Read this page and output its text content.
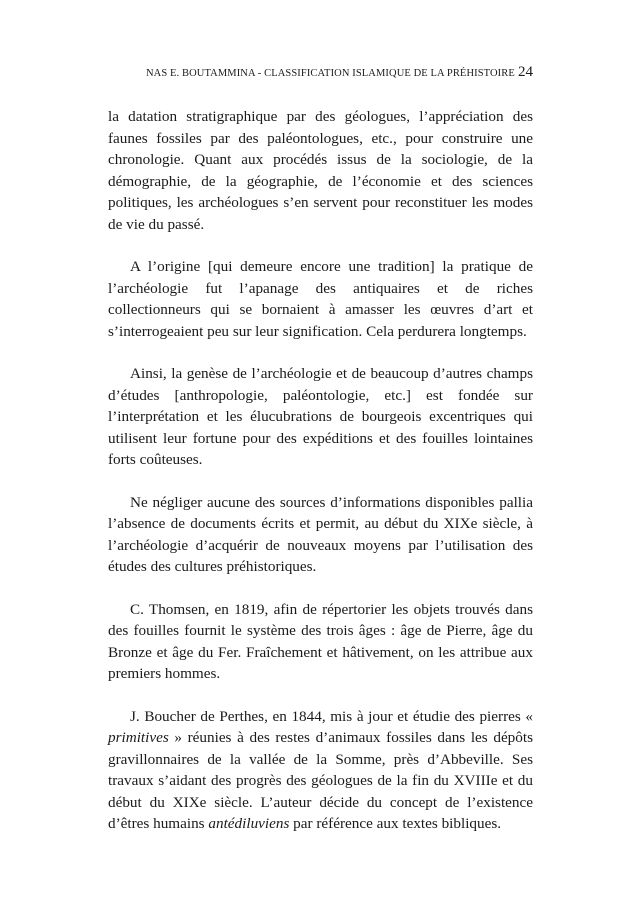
NAS E. BOUTAMMINA - CLASSIFICATION ISLAMIQUE DE LA PRÉHISTOIRE 24

la datation stratigraphique par des géologues, l’appréciation des faunes fossiles par des paléontologues, etc., pour construire une chronologie. Quant aux procédés issus de la sociologie, de la démographie, de la géographie, de l’économie et des sciences politiques, les archéologues s’en servent pour reconstituer les modes de vie du passé.

A l’origine [qui demeure encore une tradition] la pratique de l’archéologie fut l’apanage des antiquaires et de riches collectionneurs qui se bornaient à amasser les œuvres d’art et s’interrogeaient peu sur leur signification. Cela perdurera longtemps.

Ainsi, la genèse de l’archéologie et de beaucoup d’autres champs d’études [anthropologie, paléontologie, etc.] est fondée sur l’interprétation et les élucubrations de bourgeois excentriques qui utilisent leur fortune pour des expéditions et des fouilles lointaines forts coûteuses.

Ne négliger aucune des sources d’informations disponibles pallia l’absence de documents écrits et permit, au début du XIXe siècle, à l’archéologie d’acquérir de nouveaux moyens par l’utilisation des études des cultures préhistoriques.

C. Thomsen, en 1819, afin de répertorier les objets trouvés dans des fouilles fournit le système des trois âges : âge de Pierre, âge du Bronze et âge du Fer. Fraîchement et hâtivement, on les attribue aux premiers hommes.

J. Boucher de Perthes, en 1844, mis à jour et étudie des pierres « primitives » réunies à des restes d’animaux fossiles dans les dépôts gravillonnaires de la vallée de la Somme, près d’Abbeville. Ses travaux s’aidant des progrès des géologues de la fin du XVIIIe et du début du XIXe siècle. L’auteur décide du concept de l’existence d’êtres humains antédiluviens par référence aux textes bibliques.
